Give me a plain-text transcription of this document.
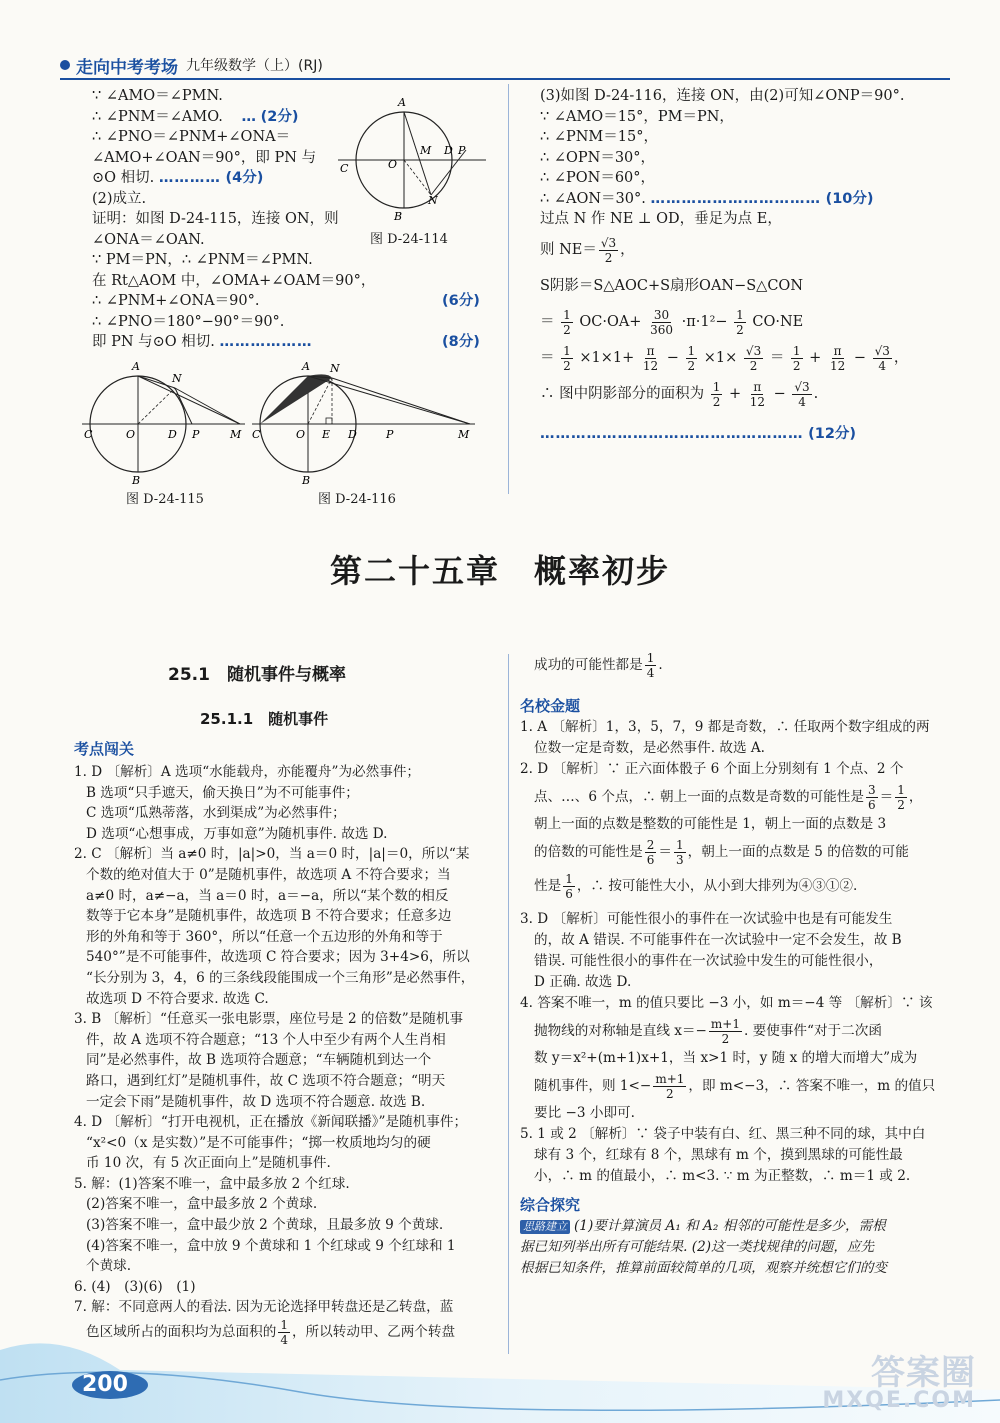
走向中考考场 九年级数学（上）(RJ)
∵ ∠AMO＝∠PMN.
∴ ∠PNM＝∠AMO. … (2分)
∴ ∠PNO＝∠PNM+∠ONA＝
∠AMO+∠OAN＝90°，即 PN 与
⊙O 相切. ………… (4分)
(2)成立.
证明：如图 D-24-115，连接 ON，则
∠ONA＝∠OAN.
∵ PM＝PN，∴ ∠PNM＝∠PMN.
在 Rt△AOM 中，∠OMA+∠OAM＝90°，
∴ ∠PNM+∠ONA＝90°.	(6分)
∴ ∠PNO＝180°−90°＝90°.
即 PN 与⊙O 相切. ………………	(8分)
A
C	O
M D P
N
B
图 D-24-114
A
N
C	O	D P	M
B
图 D-24-115
A N
C	O E D	P	M
B
图 D-24-116
(3)如图 D-24-116，连接 ON，由(2)可知∠ONP＝90°.
∵ ∠AMO＝15°，PM＝PN，
∴ ∠PNM＝15°，
∴ ∠OPN＝30°，
∴ ∠PON＝60°，
∴ ∠AON＝30°. …………………………… (10分)
过点 N 作 NE ⊥ OD，垂足为点 E，
则 $NE= \frac{√3}{2}$ ，
S阴影＝S△AOC+S扇形OAN−S△CON
＝ $\frac{1}{2} OC\cdot OA+ \frac{30}{360} \cdot\pi\cdot 1^2- \frac{1}{2} CO\cdot NE$
＝ $\frac{1}{2} \times 1\times 1+ \frac{\pi}{12} - \frac{1}{2} \times 1\times \frac{√3}{2} = \frac{1}{2} + \frac{\pi}{12} - \frac{√3}{4}$ ，
∴ 图中阴影部分的面积为 $\frac{1}{2} + \frac{\pi}{12} - \frac{√3}{4}$ .
…………………………………………… (12分)
第二十五章　概率初步
25.1　随机事件与概率
25.1.1　随机事件
考点闯关
1. D 〔解析〕A 选项“水能载舟，亦能覆舟”为必然事件；
B 选项“只手遮天，偷天换日”为不可能事件；
C 选项“瓜熟蒂落，水到渠成”为必然事件；
D 选项“心想事成，万事如意”为随机事件. 故选 D.
2. C 〔解析〕当 a≠0 时，|a|>0，当 a＝0 时，|a|＝0，所以“某
个数的绝对值大于 0”是随机事件，故选项 A 不符合要求；当
a≠0 时，a≠−a，当 a＝0 时，a＝−a，所以“某个数的相反
数等于它本身”是随机事件，故选项 B 不符合要求；任意多边
形的外角和等于 360°，所以“任意一个五边形的外角和等于
540°”是不可能事件，故选项 C 符合要求；因为 3+4>6，所以
“长分别为 3，4，6 的三条线段能围成一个三角形”是必然事件，
故选项 D 不符合要求. 故选 C.
3. B 〔解析〕“任意买一张电影票，座位号是 2 的倍数”是随机事
件，故 A 选项不符合题意；“13 个人中至少有两个人生肖相
同”是必然事件，故 B 选项符合题意；“车辆随机到达一个
路口，遇到红灯”是随机事件，故 C 选项不符合题意；“明天
一定会下雨”是随机事件，故 D 选项不符合题意. 故选 B.
4. D 〔解析〕“打开电视机，正在播放《新闻联播》”是随机事件；
“x²<0（x 是实数）”是不可能事件；“掷一枚质地均匀的硬
币 10 次，有 5 次正面向上”是随机事件.
5. 解：(1)答案不唯一，盒中最多放 2 个红球.
(2)答案不唯一，盒中最多放 2 个黄球.
(3)答案不唯一，盒中最少放 2 个黄球，且最多放 9 个黄球.
(4)答案不唯一，盒中放 9 个黄球和 1 个红球或 9 个红球和 1
个黄球.
6. (4)　(3)(6)　(1)
7. 解：不同意两人的看法. 因为无论选择甲转盘还是乙转盘，蓝
色区域所占的面积均为总面积的 $\frac{1}{4}$ ，所以转动甲、乙两个转盘
成功的可能性都是 $\frac{1}{4}$ .
名校金题
1. A 〔解析〕1，3，5，7，9 都是奇数，∴ 任取两个数字组成的两
位数一定是奇数，是必然事件. 故选 A.
2. D 〔解析〕∵ 正六面体骰子 6 个面上分别刻有 1 个点、2 个
点、…、6 个点，∴ 朝上一面的点数是奇数的可能性是 $\frac{3}{6} = \frac{1}{2}$ ，
朝上一面的点数是整数的可能性是 1，朝上一面的点数是 3
的倍数的可能性是 $\frac{2}{6} = \frac{1}{3}$ ，朝上一面的点数是 5 的倍数的可能
性是 $\frac{1}{6}$ ，∴ 按可能性大小，从小到大排列为④③①②.
3. D 〔解析〕可能性很小的事件在一次试验中也是有可能发生
的，故 A 错误. 不可能事件在一次试验中一定不会发生，故 B
错误. 可能性很小的事件在一次试验中发生的可能性很小，
D 正确. 故选 D.
4. 答案不唯一，m 的值只要比 −3 小，如 m＝−4 等 〔解析〕∵ 该
抛物线的对称轴是直线 $x=- \frac{m+1}{2}$ . 要使事件“对于二次函
数 y＝x²+(m+1)x+1，当 x>1 时，y 随 x 的增大而增大”成为
随机事件，则 $1<- \frac{m+1}{2}$ ，即 m<−3，∴ 答案不唯一，m 的值只
要比 −3 小即可.
5. 1 或 2 〔解析〕∵ 袋子中装有白、红、黑三种不同的球，其中白
球有 3 个，红球有 8 个，黑球有 m 个，摸到黑球的可能性最
小，∴ m 的值最小，∴ m<3. ∵ m 为正整数，∴ m＝1 或 2.
综合探究
思路建立 (1)要计算演员 A₁ 和 A₂ 相邻的可能性是多少，需根
据已知列举出所有可能结果. (2)这一类找规律的问题，应先
根据已知条件，推算前面较简单的几项，观察并统想它们的变
200	答案圈
MXQE.COM
